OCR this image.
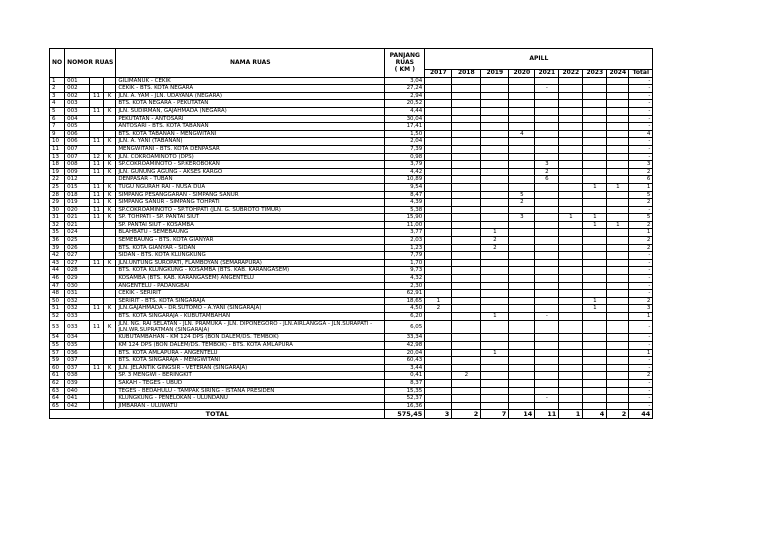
NO	NOMOR RUAS			NAMA RUAS	PANJANG
RUAS
( KM )	APILL								
						2017	2018	2019	2020	2021	2022	2023	2024	Total
1	001			GILIMANUK - CEKIK	3,04									-
2	002			CEKIK - BTS. KOTA NEGARA	27,24					-				-
3	002	11	K	JLN. A. YAM - JLN. UDAYANA (NEGARA)	2,94									-
4	003			BTS. KOTA NEGARA - PEKUTATAN	20,52									-
5	003	11	K	JLN. SUDIRMAN, GAJAHMADA (NEGARA)	4,44									-
6	004			PEKUTATAN - ANTOSARI	30,04									-
7	005			ANTOSARI - BTS. KOTA TABANAN	17,41									-
9	006			BTS. KOTA TABANAN - MENGWITANI	1,50				4					4
10	006	11	K	JLN. A. YANI (TABANAN)	2,04									-
11	007			MENGWITANI - BTS. KOTA DENPASAR	7,39									-
13	007	12	K	JLN. COKROAMINOTO (DPS)	0,98									-
18	008	11	K	SP.COKROAMINOTO - SP.KEROBOKAN	3,79					3				3
19	009	11	K	JLN. GUNUNG AGUNG - AKSES KARGO	4,42					2				2
22	012			DENPASAR - TUBAN	10,89					6				6
25	015	11	K	TUGU NGURAH RAI - NUSA DUA	9,54							1	1	1
28	018	11	K	SIMPANG PESANGGARAN - SIMPANG SANUR	8,47				5					5
29	019	11	K	SIMPANG SANUR - SIMPANG TOHPATI	4,39				2					2
30	020	11	K	SP.COKROAMINOTO - SP.TOHPATI (JLN. G. SUBROTO TIMUR)	5,38									-
31	021	11	K	SP. TOHPATI - SP. PANTAI SIUT	15,90				3		1	1		5
32	021			SP. PANTAI SIUT - KOSAMBA	11,00							1	1	2
35	024			BLAHBATU - SEMEBAUNG	3,77			1						1
36	025			SEMEBAUNG - BTS. KOTA GIANYAR	2,03			2						2
39	026			BTS. KOTA GIANYAR - SIDAN	1,23			2						2
42	027			SIDAN - BTS. KOTA KLUNGKUNG	7,79									-
43	027	11	K	JLN.UNTUNG SUROPATI, FLAMBOYAN (SEMARAPURA)	1,70									-
44	028			BTS. KOTA KLUNGKUNG - KOSAMBA (BTS. KAB. KARANGASEM)	9,73									-
46	029			KOSAMBA (BTS. KAB. KARANGASEM) ANGENTELU	4,32									-
47	030			ANGENTELU - PADANGBAI	2,30									-
48	031			CEKIK - SERIRIT	62,91									-
50	032			SERIRIT - BTS. KOTA SINGARAJA	18,65	1						1		2
51	032	11	K	JLN.GAJAHMADA - DR.SUTOMO - A.YANI (SINGARAJA)	4,50	2						1		3
52	033			BTS. KOTA SINGARAJA - KUBUTAMBAHAN	6,20			1		-				1
53	033	11	K	JLN. NG. RAI SELATAN - JLN. PRAMUKA - JLN. DIPONEGORO - JLN.AIRLANGGA - JLN.SURAPATI - JLN.WR.SUPRATMAN (SINGARAJA)	6,05									-
54	034			KUBUTAMBAHAN - KM 124 DPS (BON DALEM/DS. TEMBOK)	33,34									-
55	035			KM 124 DPS (BON DALEM/DS. TEMBOK) - BTS. KOTA AMLAPURA	42,98									-
57	036			BTS. KOTA AMLAPURA - ANGENTELU	20,04			1						1
59	037			BTS. KOTA SINGARAJA - MENGWITANI	60,43									-
60	037	11	K	JLN. JELANTIK GINGSIR - VETERAN (SINGARAJA)	3,44									-
61	038			SP. 3 MENGWI - BERINGKIT	0,41		2							2
62	039			SAKAH - TEGES - UBUD	8,37									-
63	040			TEGES - BEDAHULU - TAMPAK SIRING - ISTANA PRESIDEN	15,35									-
64	041			KLUNGKUNG - PENELOKAN - ULUNDANU	52,37					-				-
65	042			JIMBARAN - ULUWATU	16,36									-
TOTAL					575,45	3	2	7	14	11	1	4	2	44
